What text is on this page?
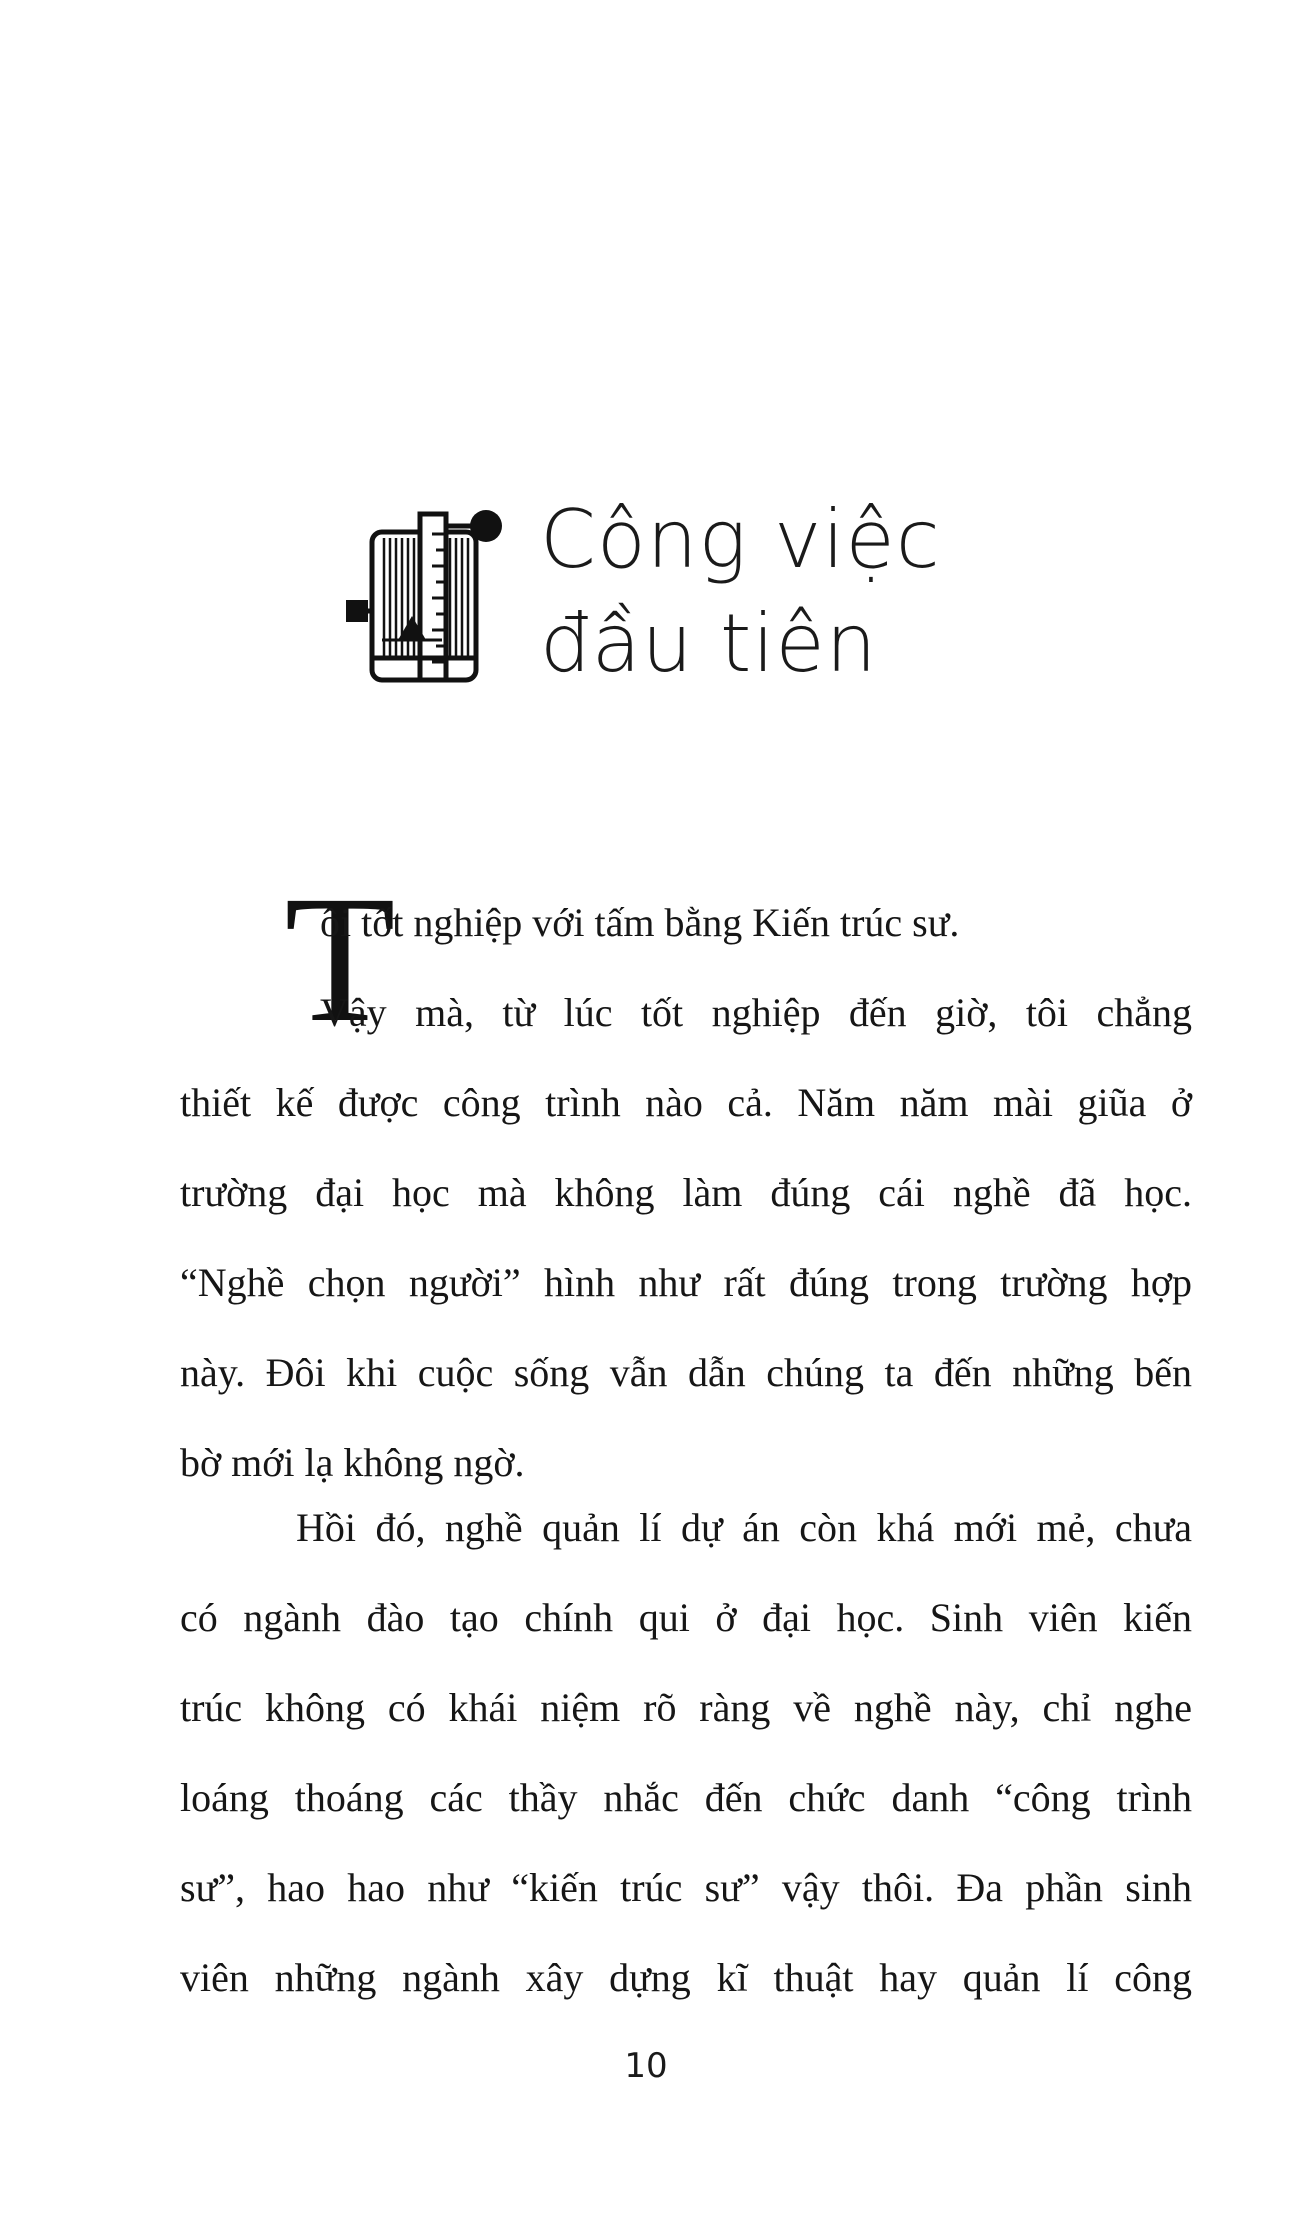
Công việc
đầu tiên
T
ôi tốt nghiệp với tấm bằng Kiến trúc sư.
Vậy mà, từ lúc tốt nghiệp đến giờ, tôi chẳng
thiết kế được công trình nào cả. Năm năm mài giũa ở
trường đại học mà không làm đúng cái nghề đã học.
“Nghề chọn người” hình như rất đúng trong trường hợp
này. Đôi khi cuộc sống vẫn dẫn chúng ta đến những bến
bờ mới lạ không ngờ.
Hồi đó, nghề quản lí dự án còn khá mới mẻ, chưa
có ngành đào tạo chính qui ở đại học. Sinh viên kiến
trúc không có khái niệm rõ ràng về nghề này, chỉ nghe
loáng thoáng các thầy nhắc đến chức danh “công trình
sư”, hao hao như “kiến trúc sư” vậy thôi. Đa phần sinh
viên những ngành xây dựng kĩ thuật hay quản lí công
10
